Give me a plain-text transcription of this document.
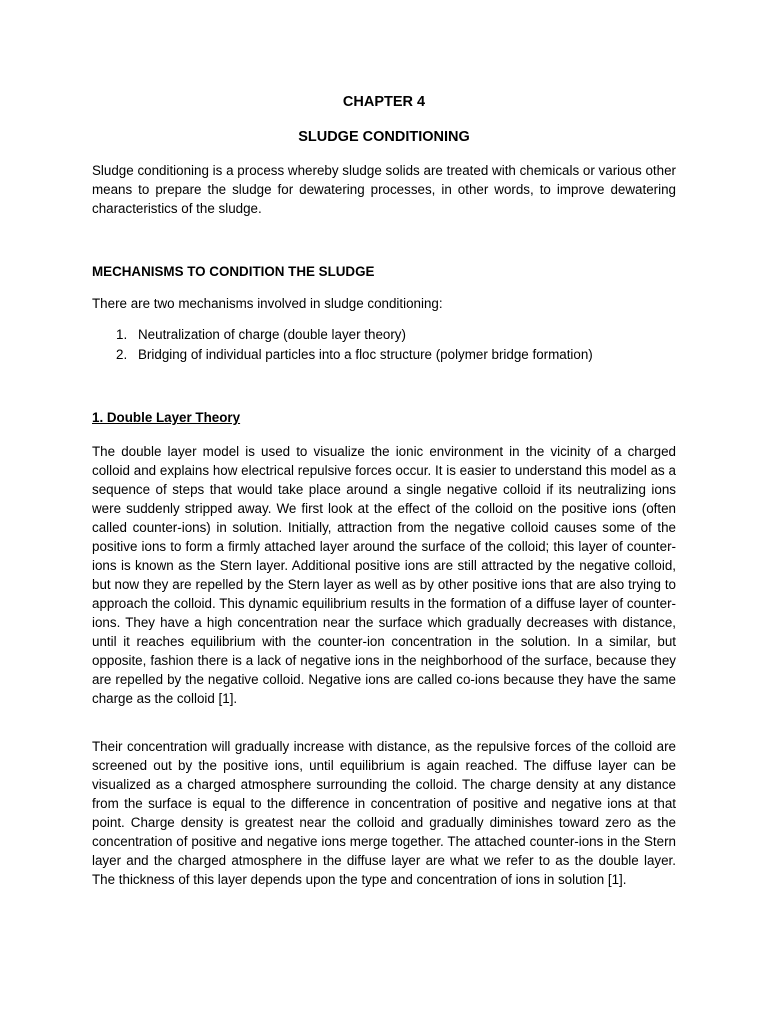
CHAPTER 4
SLUDGE CONDITIONING

Sludge conditioning is a process whereby sludge solids are treated with chemicals or various other means to prepare the sludge for dewatering processes, in other words, to improve dewatering characteristics of the sludge.

MECHANISMS TO CONDITION THE SLUDGE

There are two mechanisms involved in sludge conditioning:

1. Neutralization of charge (double layer theory)
2. Bridging of individual particles into a floc structure (polymer bridge formation)
1. Double Layer Theory

The double layer model is used to visualize the ionic environment in the vicinity of a charged colloid and explains how electrical repulsive forces occur. It is easier to understand this model as a sequence of steps that would take place around a single negative colloid if its neutralizing ions were suddenly stripped away. We first look at the effect of the colloid on the positive ions (often called counter-ions) in solution. Initially, attraction from the negative colloid causes some of the positive ions to form a firmly attached layer around the surface of the colloid; this layer of counter-ions is known as the Stern layer. Additional positive ions are still attracted by the negative colloid, but now they are repelled by the Stern layer as well as by other positive ions that are also trying to approach the colloid. This dynamic equilibrium results in the formation of a diffuse layer of counter-ions. They have a high concentration near the surface which gradually decreases with distance, until it reaches equilibrium with the counter-ion concentration in the solution. In a similar, but opposite, fashion there is a lack of negative ions in the neighborhood of the surface, because they are repelled by the negative colloid. Negative ions are called co-ions because they have the same charge as the colloid [1].

Their concentration will gradually increase with distance, as the repulsive forces of the colloid are screened out by the positive ions, until equilibrium is again reached. The diffuse layer can be visualized as a charged atmosphere surrounding the colloid. The charge density at any distance from the surface is equal to the difference in concentration of positive and negative ions at that point. Charge density is greatest near the colloid and gradually diminishes toward zero as the concentration of positive and negative ions merge together. The attached counter-ions in the Stern layer and the charged atmosphere in the diffuse layer are what we refer to as the double layer. The thickness of this layer depends upon the type and concentration of ions in solution [1].
